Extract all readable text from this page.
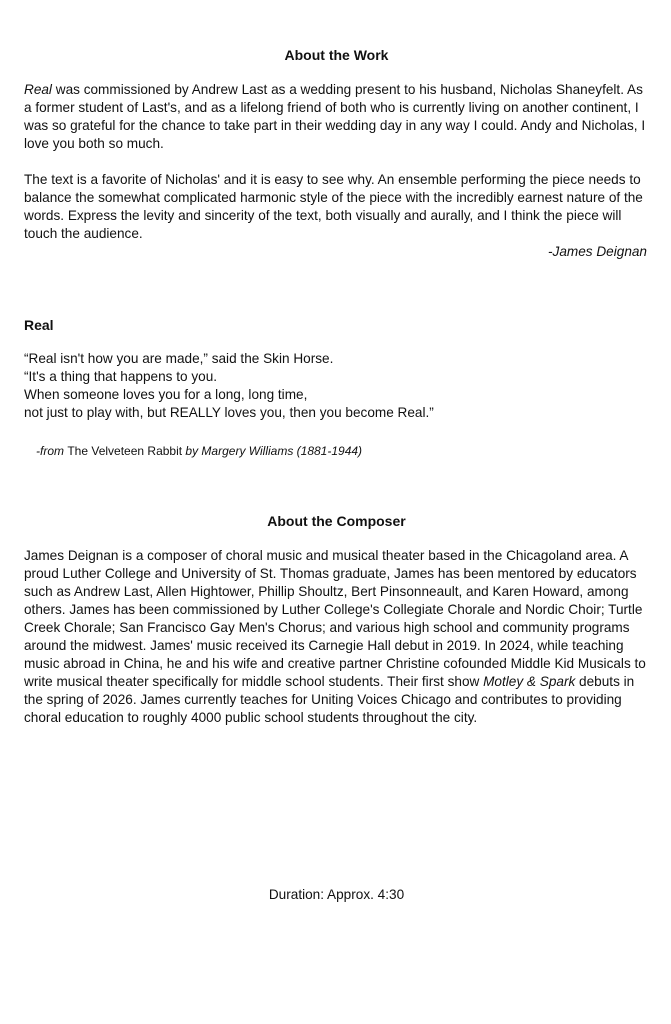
About the Work

Real was commissioned by Andrew Last as a wedding present to his husband, Nicholas Shaneyfelt. As a former student of Last's, and as a lifelong friend of both who is currently living on another continent, I was so grateful for the chance to take part in their wedding day in any way I could. Andy and Nicholas, I love you both so much.

The text is a favorite of Nicholas' and it is easy to see why. An ensemble performing the piece needs to balance the somewhat complicated harmonic style of the piece with the incredibly earnest nature of the words. Express the levity and sincerity of the text, both visually and aurally, and I think the piece will touch the audience.

-James Deignan
Real
“Real isn't how you are made,” said the Skin Horse.
“It's a thing that happens to you.
When someone loves you for a long, long time,
not just to play with, but REALLY loves you, then you become Real.”
-from The Velveteen Rabbit by Margery Williams (1881-1944)
About the Composer

James Deignan is a composer of choral music and musical theater based in the Chicagoland area. A proud Luther College and University of St. Thomas graduate, James has been mentored by educators such as Andrew Last, Allen Hightower, Phillip Shoultz, Bert Pinsonneault, and Karen Howard, among others. James has been commissioned by Luther College's Collegiate Chorale and Nordic Choir; Turtle Creek Chorale; San Francisco Gay Men's Chorus; and various high school and community programs around the midwest. James' music received its Carnegie Hall debut in 2019. In 2024, while teaching music abroad in China, he and his wife and creative partner Christine cofounded Middle Kid Musicals to write musical theater specifically for middle school students. Their first show Motley & Spark debuts in the spring of 2026. James currently teaches for Uniting Voices Chicago and contributes to providing choral education to roughly 4000 public school students throughout the city.

Duration: Approx. 4:30
